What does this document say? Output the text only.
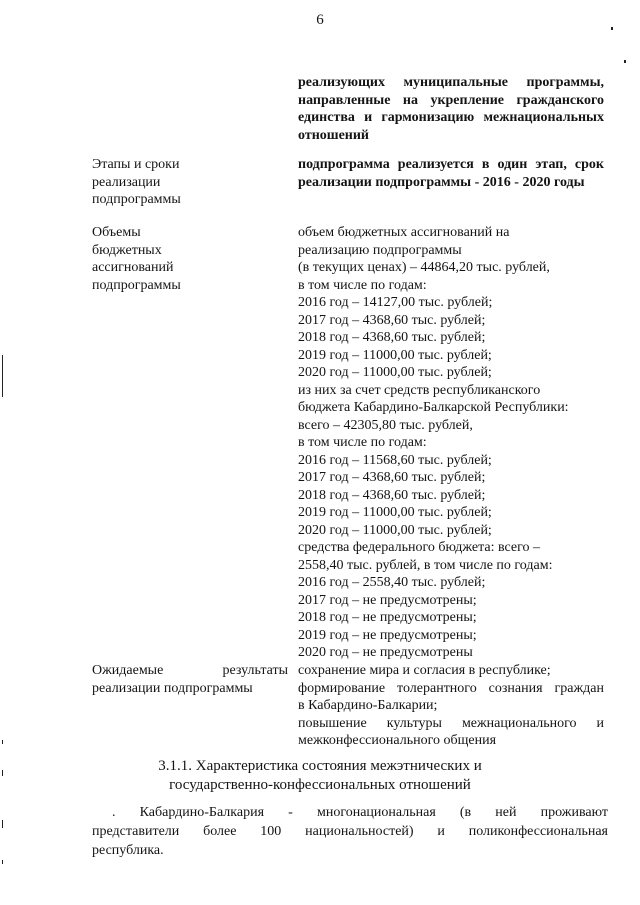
6
реализующих муниципальные программы,
направленные на укрепление гражданского
единства и гармонизацию межнациональных
отношений
Этапы и сроки
реализации
подпрограммы
подпрограмма реализуется в один этап, срок
реализации подпрограммы - 2016 - 2020 годы
Объемы
бюджетных
ассигнований
подпрограммы
объем бюджетных ассигнований на
реализацию подпрограммы
(в текущих ценах) – 44864,20 тыс. рублей,
в том числе по годам:
2016 год – 14127,00 тыс. рублей;
2017 год – 4368,60 тыс. рублей;
2018 год – 4368,60 тыс. рублей;
2019 год – 11000,00 тыс. рублей;
2020 год – 11000,00 тыс. рублей;
из них за счет средств республиканского
бюджета Кабардино-Балкарской Республики:
всего – 42305,80 тыс. рублей,
в том числе по годам:
2016 год – 11568,60 тыс. рублей;
2017 год – 4368,60 тыс. рублей;
2018 год – 4368,60 тыс. рублей;
2019 год – 11000,00 тыс. рублей;
2020 год – 11000,00 тыс. рублей;
средства федерального бюджета: всего –
2558,40 тыс. рублей, в том числе по годам:
2016 год – 2558,40 тыс. рублей;
2017 год – не предусмотрены;
2018 год – не предусмотрены;
2019 год – не предусмотрены;
2020 год – не предусмотрены
Ожидаемые результаты
реализации подпрограммы
сохранение мира и согласия в республике;
формирование толерантного сознания граждан
в Кабардино-Балкарии;
повышение культуры межнационального и
межконфессионального общения
3.1.1. Характеристика состояния межэтнических и
государственно-конфессиональных отношений
. Кабардино-Балкария - многонациональная (в ней проживают
представители более 100 национальностей) и поликонфессиональная
республика.
